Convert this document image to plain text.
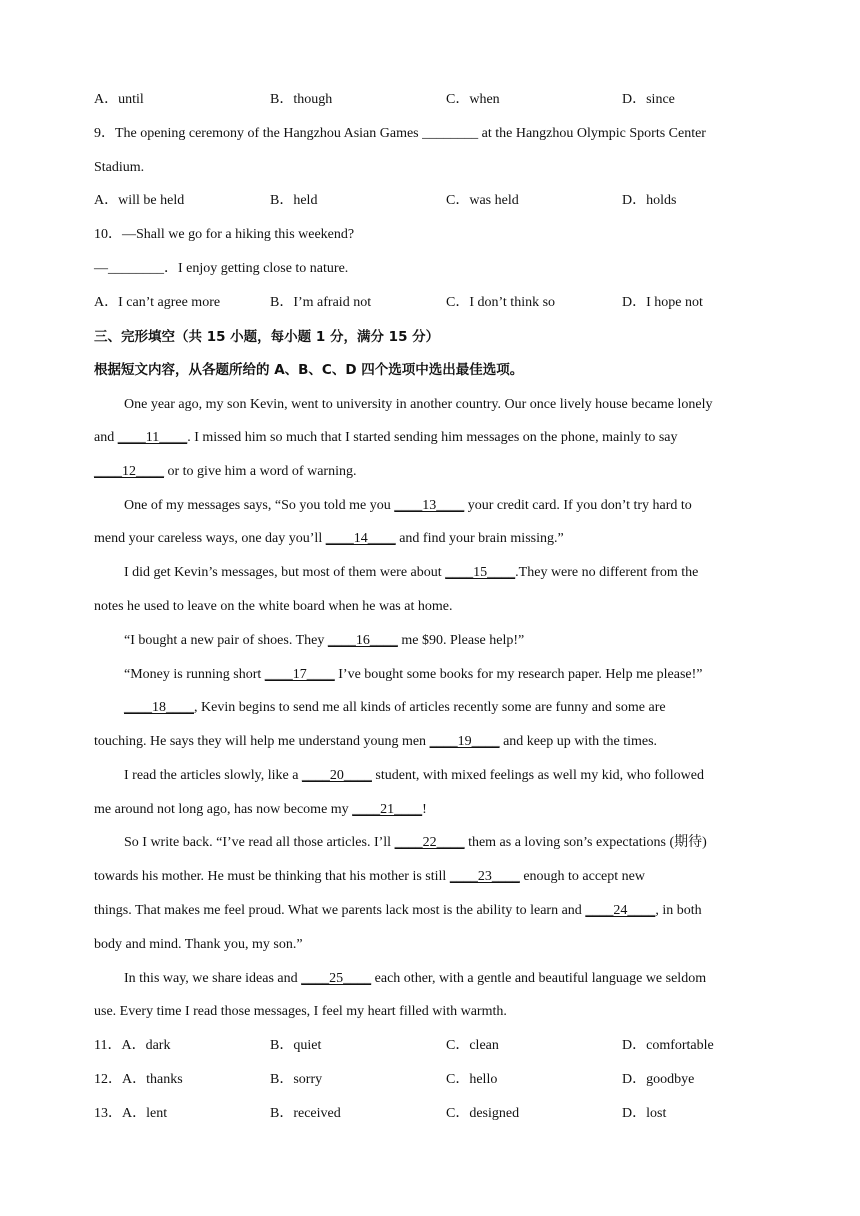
A．until	B．though	C．when	D．since
9．The opening ceremony of the Hangzhou Asian Games ________ at the Hangzhou Olympic Sports Center
Stadium.
A．will be held	B．held	C．was held	D．holds
10．—Shall we go for a hiking this weekend?
—________．I enjoy getting close to nature.
A．I can’t agree more	B．I’m afraid not	C．I don’t think so	D．I hope not
三、完形填空（共 15 小题，每小题 1 分，满分 15 分）
根据短文内容，从各题所给的 A、B、C、D 四个选项中选出最佳选项。
One year ago, my son Kevin, went to university in another country. Our once lively house became lonely
and ____11____. I missed him so much that I started sending him messages on the phone, mainly to say
____12____ or to give him a word of warning.
One of my messages says, “So you told me you ____13____ your credit card. If you don’t try hard to
mend your careless ways, one day you’ll ____14____ and find your brain missing.”
I did get Kevin’s messages, but most of them were about ____15____.They were no different from the
notes he used to leave on the white board when he was at home.
“I bought a new pair of shoes. They ____16____ me $90. Please help!”
“Money is running short ____17____ I’ve bought some books for my research paper. Help me please!”
____18____, Kevin begins to send me all kinds of articles recently some are funny and some are
touching. He says they will help me understand young men ____19____ and keep up with the times.
I read the articles slowly, like a ____20____ student, with mixed feelings as well my kid, who followed
me around not long ago, has now become my ____21____!
So I write back. “I’ve read all those articles. I’ll ____22____ them as a loving son’s expectations (期待)
towards his mother. He must be thinking that his mother is still ____23____ enough to accept new
things. That makes me feel proud. What we parents lack most is the ability to learn and ____24____, in both
body and mind. Thank you, my son.”
In this way, we share ideas and ____25____ each other, with a gentle and beautiful language we seldom
use. Every time I read those messages, I feel my heart filled with warmth.
11．A．dark	B．quiet	C．clean	D．comfortable
12．A．thanks	B．sorry	C．hello	D．goodbye
13．A．lent	B．received	C．designed	D．lost
